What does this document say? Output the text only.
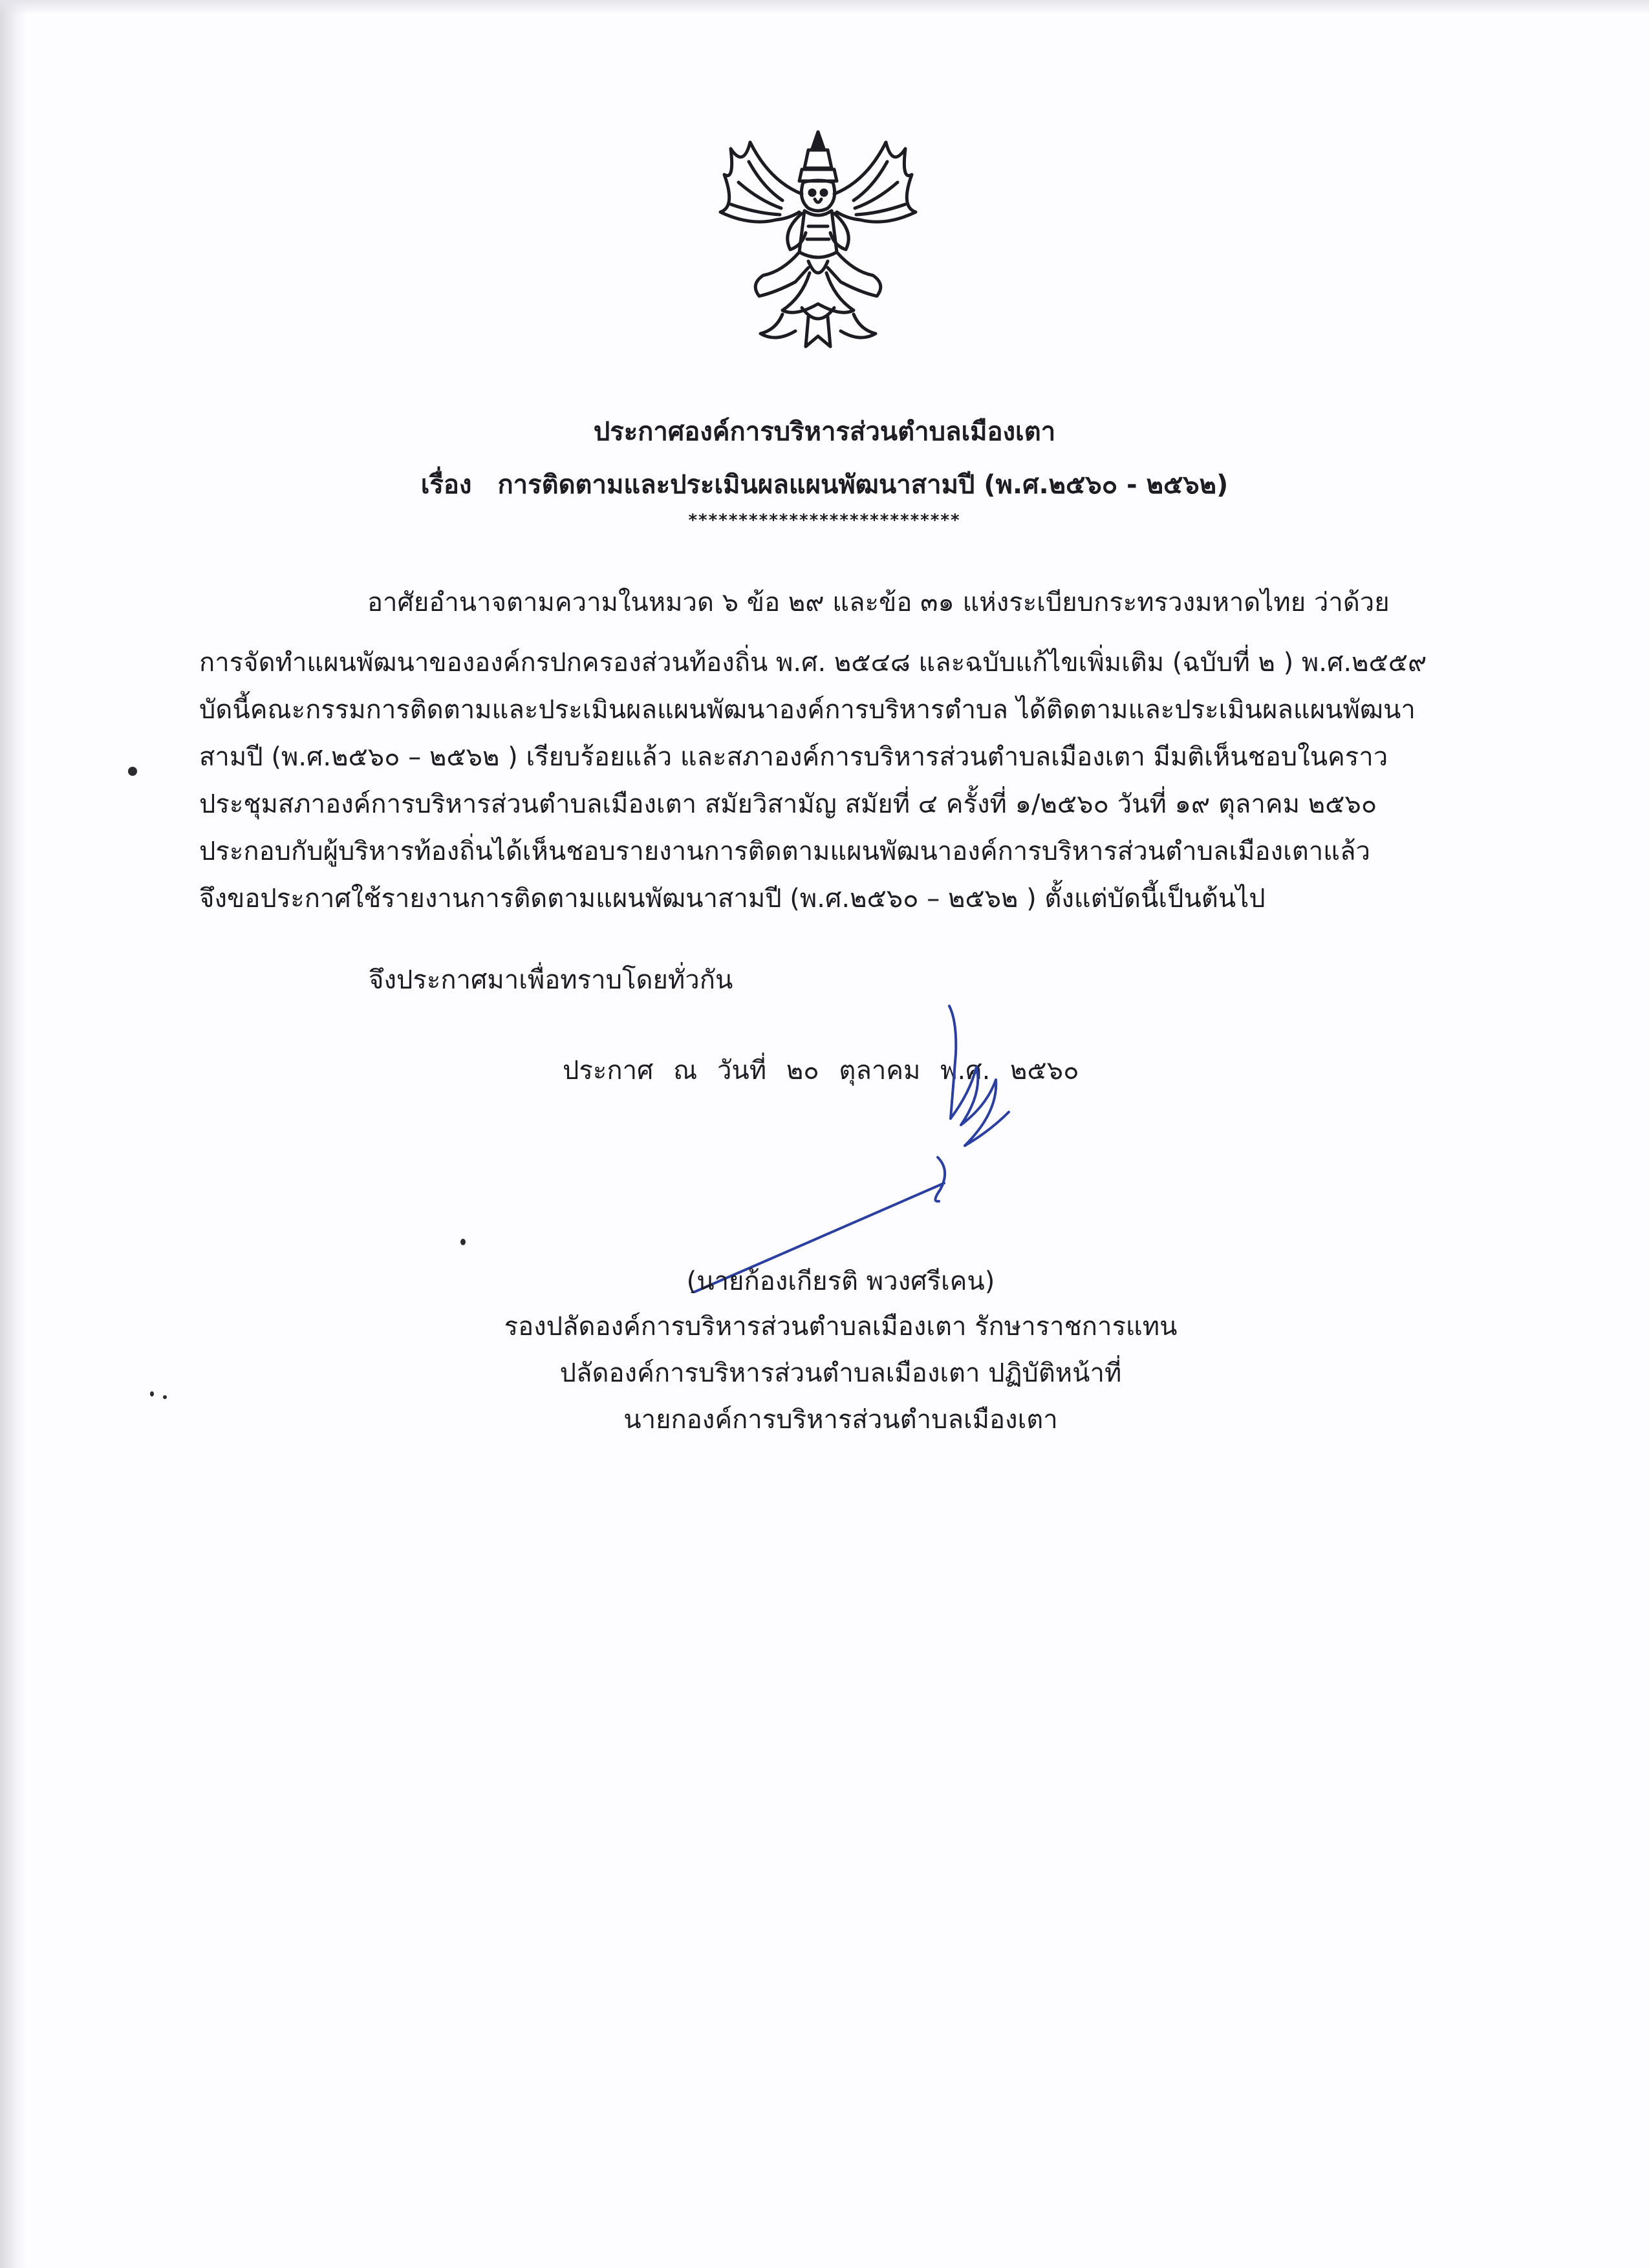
ประกาศองค์การบริหารส่วนตำบลเมืองเตา
เรื่อง การติดตามและประเมินผลแผนพัฒนาสามปี (พ.ศ.๒๕๖๐ - ๒๕๖๒)
***************************
อาศัยอำนาจตามความในหมวด ๖ ข้อ ๒๙ และข้อ ๓๑ แห่งระเบียบกระทรวงมหาดไทย ว่าด้วย
การจัดทำแผนพัฒนาขององค์กรปกครองส่วนท้องถิ่น พ.ศ. ๒๕๔๘ และฉบับแก้ไขเพิ่มเติม (ฉบับที่ ๒ ) พ.ศ.๒๕๕๙
บัดนี้คณะกรรมการติดตามและประเมินผลแผนพัฒนาองค์การบริหารตำบล ได้ติดตามและประเมินผลแผนพัฒนา
สามปี (พ.ศ.๒๕๖๐ – ๒๕๖๒ ) เรียบร้อยแล้ว และสภาองค์การบริหารส่วนตำบลเมืองเตา มีมติเห็นชอบในคราว
ประชุมสภาองค์การบริหารส่วนตำบลเมืองเตา สมัยวิสามัญ สมัยที่ ๔ ครั้งที่ ๑/๒๕๖๐ วันที่ ๑๙ ตุลาคม ๒๕๖๐
ประกอบกับผู้บริหารท้องถิ่นได้เห็นชอบรายงานการติดตามแผนพัฒนาองค์การบริหารส่วนตำบลเมืองเตาแล้ว
จึงขอประกาศใช้รายงานการติดตามแผนพัฒนาสามปี (พ.ศ.๒๕๖๐ – ๒๕๖๒ ) ตั้งแต่บัดนี้เป็นต้นไป
จึงประกาศมาเพื่อทราบโดยทั่วกัน
ประกาศ ณ วันที่ ๒๐ ตุลาคม พ.ศ. ๒๕๖๐
(นายก้องเกียรติ พวงศรีเคน)
รองปลัดองค์การบริหารส่วนตำบลเมืองเตา รักษาราชการแทน
ปลัดองค์การบริหารส่วนตำบลเมืองเตา ปฏิบัติหน้าที่
นายกองค์การบริหารส่วนตำบลเมืองเตา
